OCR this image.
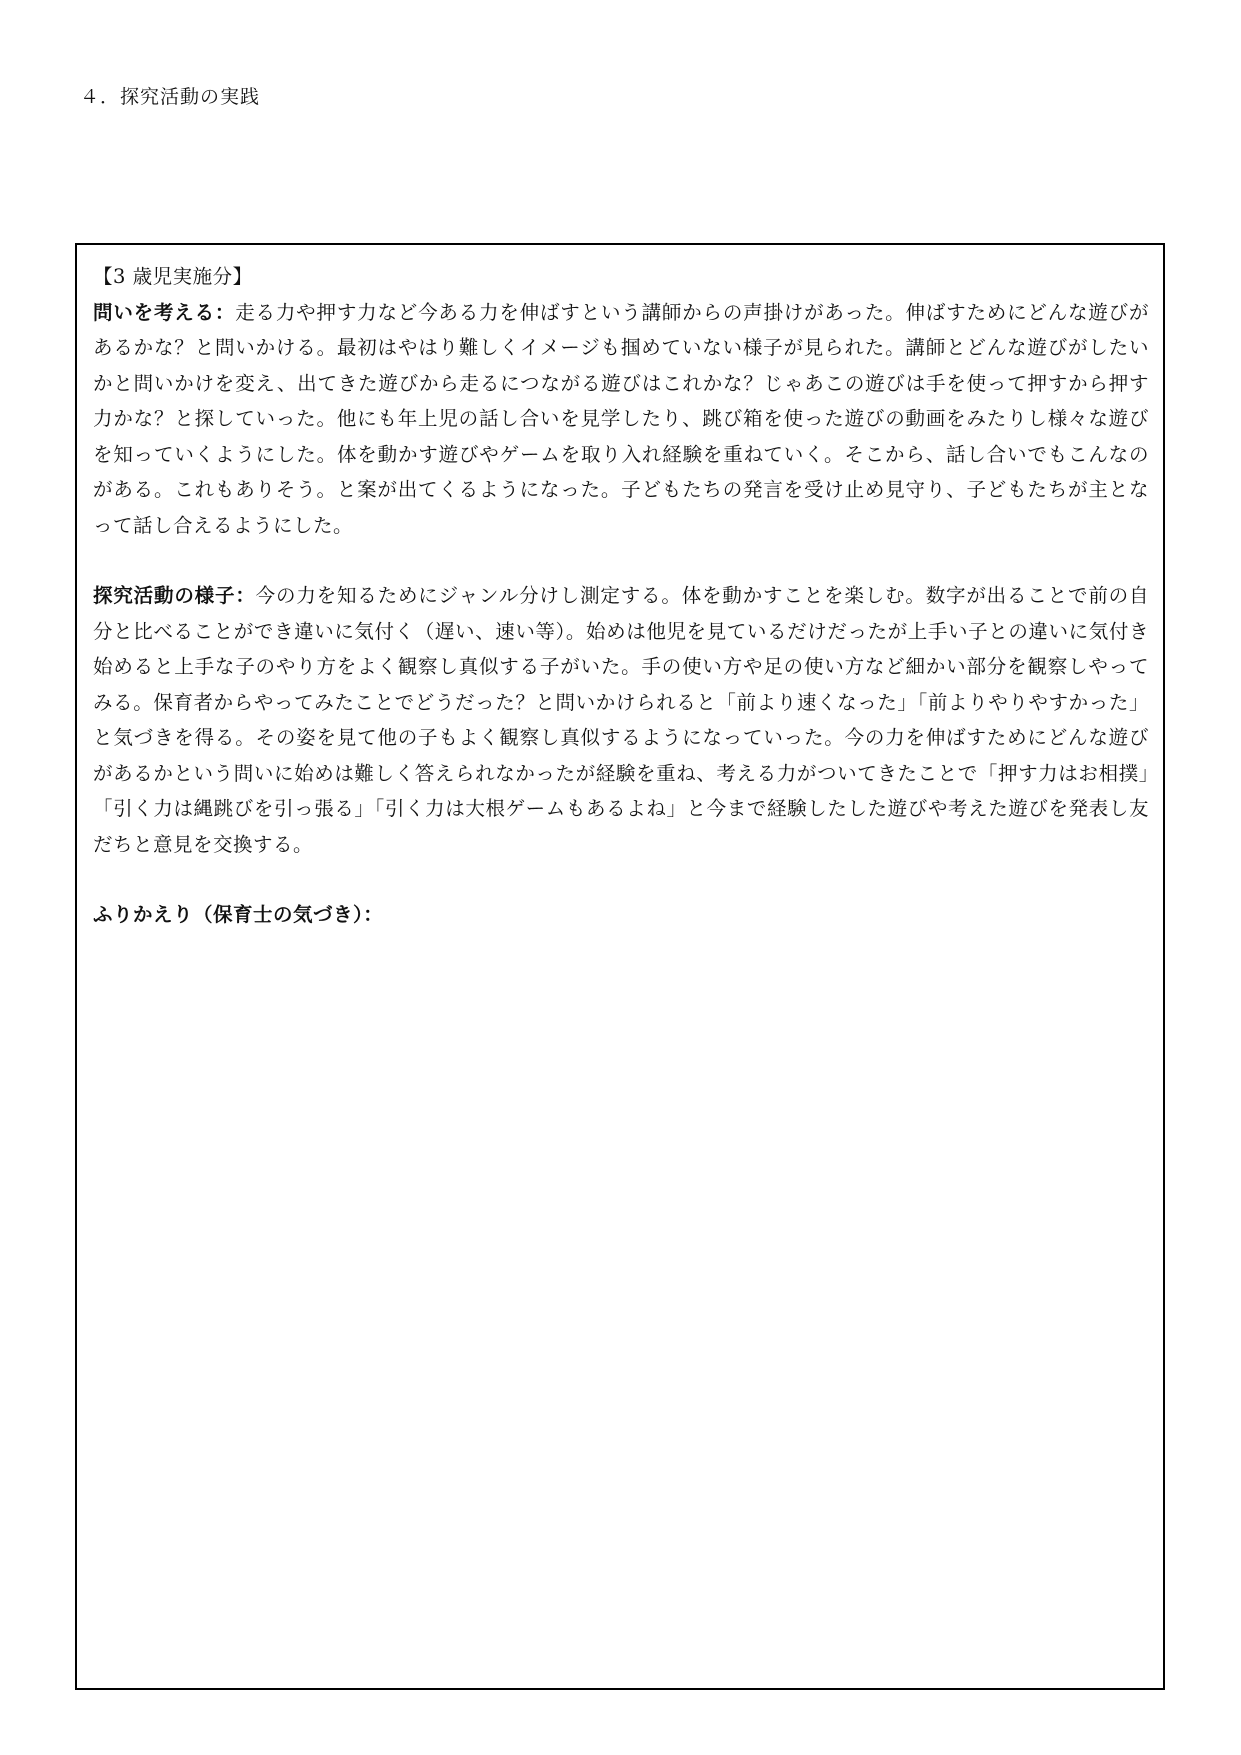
４．探究活動の実践

【3 歳児実施分】

問いを考える：走る力や押す力など今ある力を伸ばすという講師からの声掛けがあった。伸ばすためにどんな遊びがあるかな？と問いかける。最初はやはり難しくイメージも掴めていない様子が見られた。講師とどんな遊びがしたいかと問いかけを変え、出てきた遊びから走るにつながる遊びはこれかな？じゃあこの遊びは手を使って押すから押す力かな？と探していった。他にも年上児の話し合いを見学したり、跳び箱を使った遊びの動画をみたりし様々な遊びを知っていくようにした。体を動かす遊びやゲームを取り入れ経験を重ねていく。そこから、話し合いでもこんなのがある。これもありそう。と案が出てくるようになった。子どもたちの発言を受け止め見守り、子どもたちが主となって話し合えるようにした。

探究活動の様子：今の力を知るためにジャンル分けし測定する。体を動かすことを楽しむ。数字が出ることで前の自分と比べることができ違いに気付く（遅い、速い等）。始めは他児を見ているだけだったが上手い子との違いに気付き始めると上手な子のやり方をよく観察し真似する子がいた。手の使い方や足の使い方など細かい部分を観察しやってみる。保育者からやってみたことでどうだった？と問いかけられると「前より速くなった」「前よりやりやすかった」と気づきを得る。その姿を見て他の子もよく観察し真似するようになっていった。今の力を伸ばすためにどんな遊びがあるかという問いに始めは難しく答えられなかったが経験を重ね、考える力がついてきたことで「押す力はお相撲」「引く力は縄跳びを引っ張る」「引く力は大根ゲームもあるよね」と今まで経験したした遊びや考えた遊びを発表し友だちと意見を交換する。

ふりかえり（保育士の気づき）：
